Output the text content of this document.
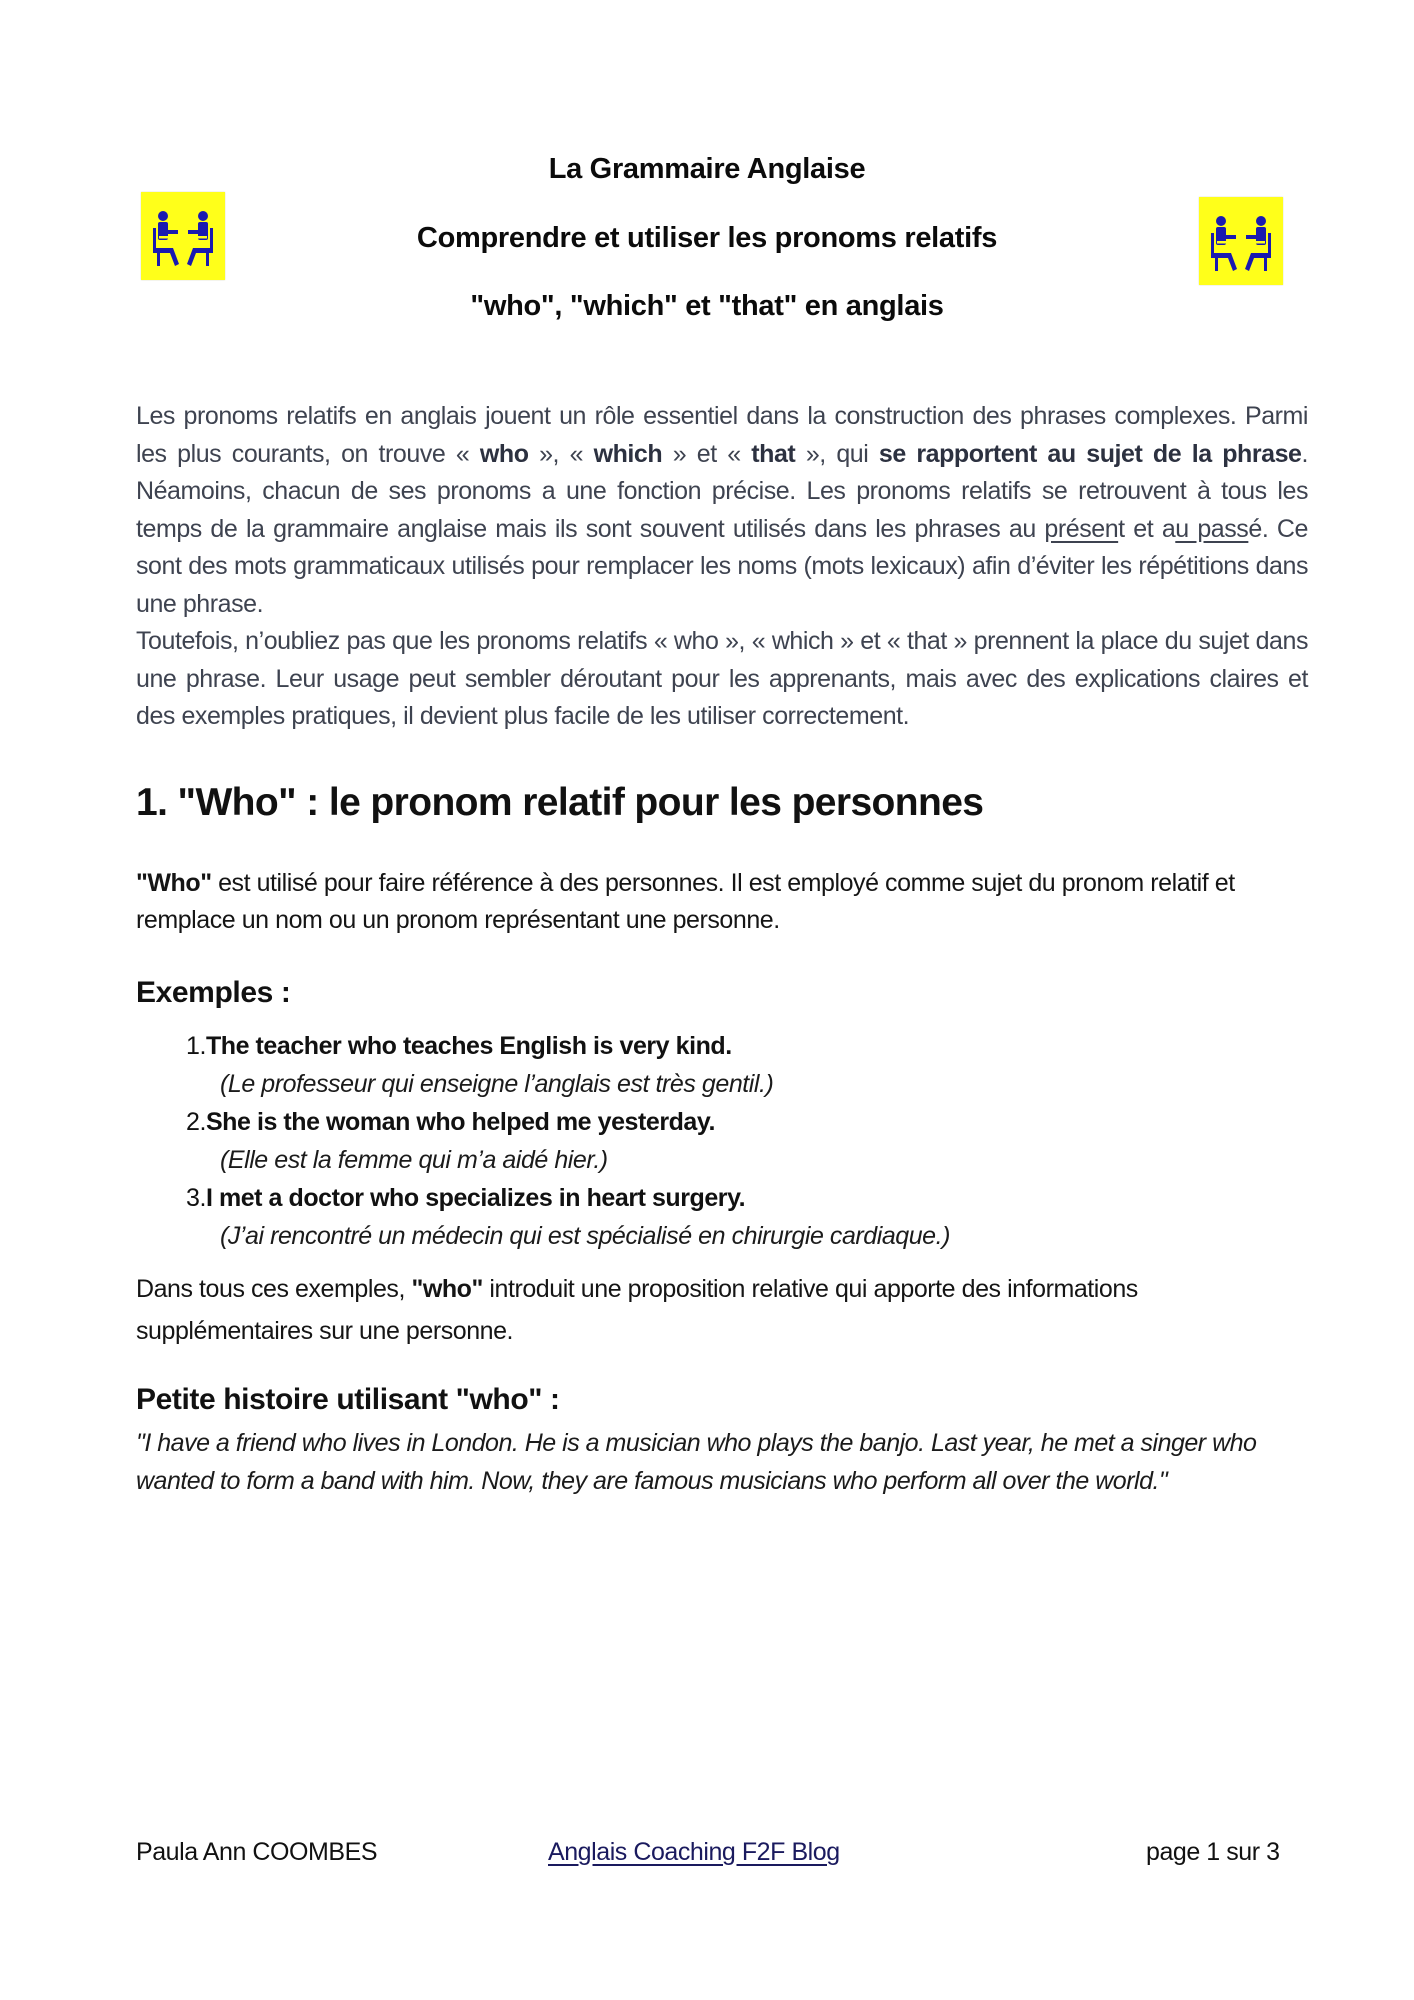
La Grammaire Anglaise
Comprendre et utiliser les pronoms relatifs
"who", "which" et "that" en anglais

Les pronoms relatifs en anglais jouent un rôle essentiel dans la construction des phrases complexes. Parmi les plus courants, on trouve « who », « which » et « that », qui se rapportent au sujet de la phrase. Néamoins, chacun de ses pronoms a une fonction précise. Les pronoms relatifs se retrouvent à tous les temps de la grammaire anglaise mais ils sont souvent utilisés dans les phrases au présent et au passé. Ce sont des mots grammaticaux utilisés pour remplacer les noms (mots lexicaux) afin d’éviter les répétitions dans une phrase.

Toutefois, n’oubliez pas que les pronoms relatifs « who », « which » et « that » prennent la place du sujet dans une phrase. Leur usage peut sembler déroutant pour les apprenants, mais avec des explications claires et des exemples pratiques, il devient plus facile de les utiliser correctement.

1. "Who" : le pronom relatif pour les personnes

"Who" est utilisé pour faire référence à des personnes. Il est employé comme sujet du pronom relatif et remplace un nom ou un pronom représentant une personne.

Exemples :
1.The teacher who teaches English is very kind.
(Le professeur qui enseigne l’anglais est très gentil.)
2.She is the woman who helped me yesterday.
(Elle est la femme qui m’a aidé hier.)
3.I met a doctor who specializes in heart surgery.
(J’ai rencontré un médecin qui est spécialisé en chirurgie cardiaque.)

Dans tous ces exemples, "who" introduit une proposition relative qui apporte des informations supplémentaires sur une personne.

Petite histoire utilisant "who" :

"I have a friend who lives in London. He is a musician who plays the banjo. Last year, he met a singer who wanted to form a band with him. Now, they are famous musicians who perform all over the world."

Paula Ann COOMBES	Anglais Coaching F2F Blog	page 1 sur 3
